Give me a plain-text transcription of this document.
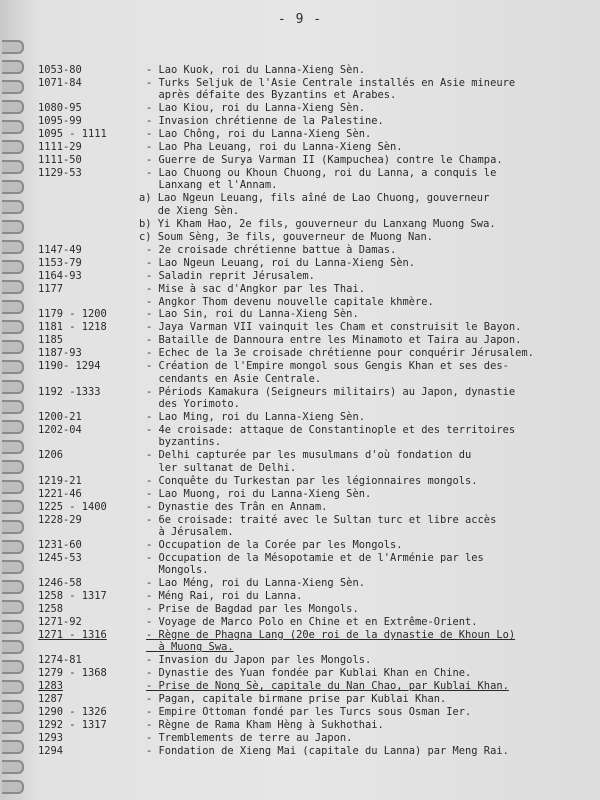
- 9 -
1053-80	- Lao Kuok, roi du Lanna-Xieng Sèn.
1071-84	- Turks Seljuk de l'Asie Centrale installés en Asie mineure
après défaite des Byzantins et Arabes.
1080-95	- Lao Kiou, roi du Lanna-Xieng Sèn.
1095-99	- Invasion chrétienne de la Palestine.
1095 - 1111	- Lao Chông, roi du Lanna-Xieng Sèn.
1111-29	- Lao Pha Leuang, roi du Lanna-Xieng Sèn.
1111-50	- Guerre de Surya Varman II (Kampuchea) contre le Champa.
1129-53	- Lao Chuong ou Khoun Chuong, roi du Lanna, a conquis le
Lanxang et l'Annam.
a) Lao Ngeun Leuang, fils aîné de Lao Chuong, gouverneur
de Xieng Sèn.
b) Yi Kham Hao, 2e fils, gouverneur du Lanxang Muong Swa.
c) Soum Sèng, 3e fils, gouverneur de Muong Nan.
1147-49	- 2e croisade chrétienne battue à Damas.
1153-79	- Lao Ngeun Leuang, roi du Lanna-Xieng Sèn.
1164-93	- Saladin reprit Jérusalem.
1177	- Mise à sac d'Angkor par les Thai.
- Angkor Thom devenu nouvelle capitale khmère.
1179 - 1200	- Lao Sin, roi du Lanna-Xieng Sèn.
1181 - 1218	- Jaya Varman VII vainquit les Cham et construisit le Bayon.
1185	- Bataille de Dannoura entre les Minamoto et Taira au Japon.
1187-93	- Echec de la 3e croisade chrétienne pour conquérir Jérusalem.
1190- 1294	- Création de l'Empire mongol sous Gengis Khan et ses des-
cendants en Asie Centrale.
1192 -1333	- Périods Kamakura (Seigneurs militairs) au Japon, dynastie
des Yorimoto.
1200-21	- Lao Ming, roi du Lanna-Xieng Sèn.
1202-04	- 4e croisade: attaque de Constantinople et des territoires
byzantins.
1206	- Delhi capturée par les musulmans d'où fondation du
ler sultanat de Delhi.
1219-21	- Conquête du Turkestan par les légionnaires mongols.
1221-46	- Lao Muong, roi du Lanna-Xieng Sèn.
1225 - 1400	- Dynastie des Trân en Annam.
1228-29	- 6e croisade: traité avec le Sultan turc et libre accès
à Jérusalem.
1231-60	- Occupation de la Corée par les Mongols.
1245-53	- Occupation de la Mésopotamie et de l'Arménie par les
Mongols.
1246-58	- Lao Méng, roi du Lanna-Xieng Sèn.
1258 - 1317	- Méng Rai, roi du Lanna.
1258	- Prise de Bagdad par les Mongols.
1271-92	- Voyage de Marco Polo en Chine et en Extrême-Orient.
1271 - 1316	- Règne de Phagna Lang (20e roi de la dynastie de Khoun Lo)
à Muong Swa.
1274-81	- Invasion du Japon par les Mongols.
1279 - 1368	- Dynastie des Yuan fondée par Kublai Khan en Chine.
1283	- Prise de Nong Sè, capitale du Nan Chao, par Kublai Khan.
1287	- Pagan, capitale birmane prise par Kublai Khan.
1290 - 1326	- Empire Ottoman fondé par les Turcs sous Osman Ier.
1292 - 1317	- Règne de Rama Kham Hèng à Sukhothai.
1293	- Tremblements de terre au Japon.
1294	- Fondation de Xieng Mai (capitale du Lanna) par Meng Rai.
